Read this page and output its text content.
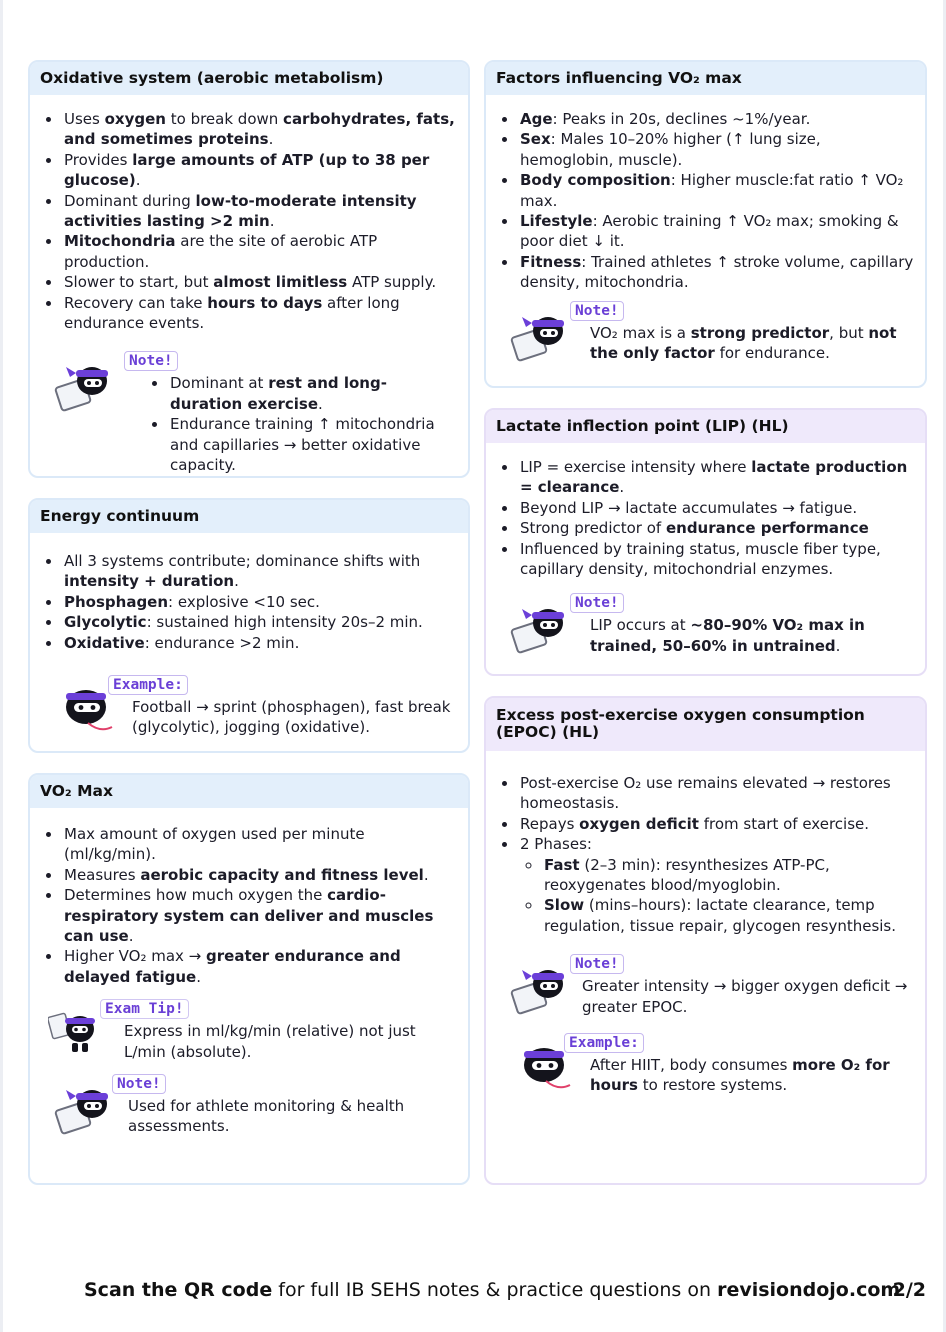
Oxidative system (aerobic metabolism)
• Uses oxygen to break down carbohydrates, fats, and sometimes proteins.
• Provides large amounts of ATP (up to 38 per glucose).
• Dominant during low-to-moderate intensity activities lasting >2 min.
• Mitochondria are the site of aerobic ATP production.
• Slower to start, but almost limitless ATP supply.
• Recovery can take hours to days after long endurance events.
Note!
• Dominant at rest and long-duration exercise.
• Endurance training ↑ mitochondria and capillaries → better oxidative capacity.
Energy continuum
• All 3 systems contribute; dominance shifts with intensity + duration.
• Phosphagen: explosive <10 sec.
• Glycolytic: sustained high intensity 20s–2 min.
• Oxidative: endurance >2 min.
Example:
Football → sprint (phosphagen), fast break (glycolytic), jogging (oxidative).
VO₂ Max
• Max amount of oxygen used per minute (ml/kg/min).
• Measures aerobic capacity and fitness level.
• Determines how much oxygen the cardio-respiratory system can deliver and muscles can use.
• Higher VO₂ max → greater endurance and delayed fatigue.
Exam Tip!
Express in ml/kg/min (relative) not just L/min (absolute).
Note!
Used for athlete monitoring & health assessments.
Factors influencing VO₂ max
• Age: Peaks in 20s, declines ~1%/year.
• Sex: Males 10–20% higher (↑ lung size, hemoglobin, muscle).
• Body composition: Higher muscle:fat ratio ↑ VO₂ max.
• Lifestyle: Aerobic training ↑ VO₂ max; smoking & poor diet ↓ it.
• Fitness: Trained athletes ↑ stroke volume, capillary density, mitochondria.
Note!
VO₂ max is a strong predictor, but not the only factor for endurance.
Lactate inflection point (LIP) (HL)
• LIP = exercise intensity where lactate production = clearance.
• Beyond LIP → lactate accumulates → fatigue.
• Strong predictor of endurance performance
• Influenced by training status, muscle fiber type, capillary density, mitochondrial enzymes.
Note!
LIP occurs at ~80–90% VO₂ max in trained, 50–60% in untrained.
Excess post-exercise oxygen consumption (EPOC) (HL)
• Post-exercise O₂ use remains elevated → restores homeostasis.
• Repays oxygen deficit from start of exercise.
• 2 Phases:
◦ Fast (2–3 min): resynthesizes ATP-PC, reoxygenates blood/myoglobin.
◦ Slow (mins–hours): lactate clearance, temp regulation, tissue repair, glycogen resynthesis.
Note!
Greater intensity → bigger oxygen deficit → greater EPOC.
Example:
After HIIT, body consumes more O₂ for hours to restore systems.
Scan the QR code for full IB SEHS notes & practice questions on revisiondojo.com
2/2
